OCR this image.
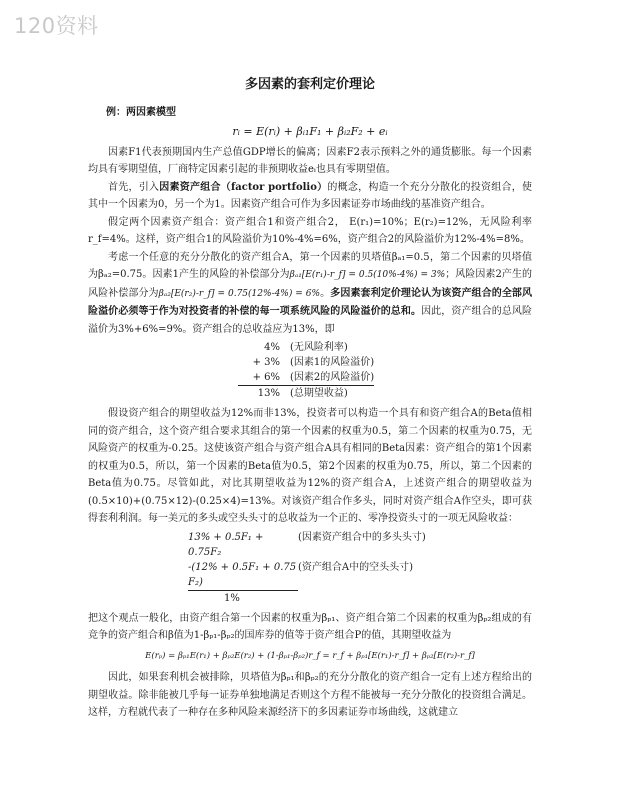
120资料
多因素的套利定价理论
例：两因素模型
rᵢ = E(rᵢ) + βᵢ₁F₁ + βᵢ₂F₂ + eᵢ

因素F1代表预期国内生产总值GDP增长的偏离；因素F2表示预料之外的通货膨胀。每一个因素均具有零期望值，厂商特定因素引起的非预期收益eᵢ也具有零期望值。

首先，引入因素资产组合（factor portfolio）的概念，构造一个充分分散化的投资组合，使其中一个因素为0，另一个为1。因素资产组合可作为多因素证券市场曲线的基准资产组合。

假定两个因素资产组合：资产组合1和资产组合2， E(r₁)=10%；E(r₂)=12%，无风险利率r_f=4%。这样，资产组合1的风险溢价为10%-4%=6%，资产组合2的风险溢价为12%-4%=8%。

考虑一个任意的充分分散化的资产组合A，第一个因素的贝塔值βₐ₁=0.5，第二个因素的贝塔值为βₐ₂=0.75。因素1产生的风险的补偿部分为βₐ₁[E(r₁)-r_f] = 0.5(10%-4%) = 3%；风险因素2产生的风险补偿部分为βₐ₂[E(r₂)-r_f] = 0.75(12%-4%) = 6%。多因素套利定价理论认为该资产组合的全部风险溢价必须等于作为对投资者的补偿的每一项系统风险的风险溢价的总和。因此，资产组合的总风险溢价为3%+6%=9%。资产组合的总收益应为13%，即

4%	(无风险利率)
+ 3%	(因素1的风险溢价)
+ 6%	(因素2的风险溢价)
13%	(总期望收益)

假设资产组合的期望收益为12%而非13%，投资者可以构造一个具有和资产组合A的Beta值相同的资产组合，这个资产组合要求其组合的第一个因素的权重为0.5，第二个因素的权重为0.75，无风险资产的权重为-0.25。这使该资产组合与资产组合A具有相同的Beta因素：资产组合的第1个因素的权重为0.5，所以，第一个因素的Beta值为0.5，第2个因素的权重为0.75，所以，第二个因素的Beta值为0.75。尽管如此，对比其期望收益为12%的资产组合A，上述资产组合的期望收益为 (0.5×10)+(0.75×12)-(0.25×4)=13%。对该资产组合作多头，同时对资产组合A作空头，即可获得套利利润。每一美元的多头或空头头寸的总收益为一个正的、零净投资头寸的一项无风险收益：

13% + 0.5F₁ + 0.75F₂
(因素资产组合中的多头头寸)
-(12% + 0.5F₁ + 0.75 F₂)
(资产组合A中的空头头寸)
1%

把这个观点一般化，由资产组合第一个因素的权重为βₚ₁、资产组合第二个因素的权重为βₚ₂组成的有竞争的资产组合和β值为1-βₚ₁-βₚ₂的国库券的值等于资产组合P的值，其期望收益为

E(rₚ) = βₚ₁E(r₁) + βₚ₂E(r₂) + (1-βₚ₁-βₚ₂)r_f = r_f + βₚ₁[E(r₁)-r_f] + βₚ₂[E(r₂)-r_f]

因此，如果套利机会被排除，贝塔值为βₚ₁和βₚ₂的充分分散化的资产组合一定有上述方程给出的期望收益。除非能被几乎每一证券单独地满足否则这个方程不能被每一充分分散化的投资组合满足。这样，方程就代表了一种存在多种风险来源经济下的多因素证券市场曲线，这就建立
